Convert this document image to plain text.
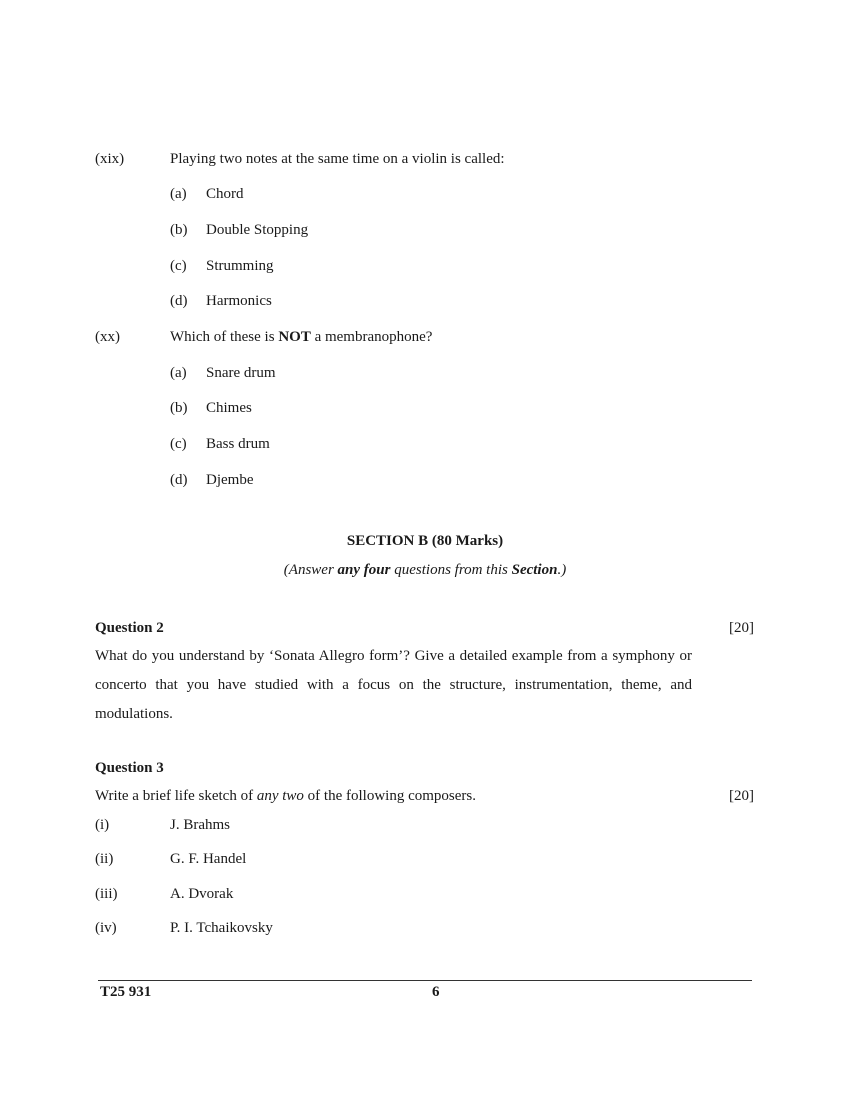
(xix)	Playing two notes at the same time on a violin is called:
(a) Chord
(b) Double Stopping
(c) Strumming
(d) Harmonics
(xx)	Which of these is NOT a membranophone?
(a) Snare drum
(b) Chimes
(c) Bass drum
(d) Djembe
SECTION B (80 Marks)
(Answer any four questions from this Section.)
Question 2	[20]
What do you understand by ‘Sonata Allegro form’? Give a detailed example from a symphony or concerto that you have studied with a focus on the structure, instrumentation, theme, and modulations.
Question 3
Write a brief life sketch of any two of the following composers.	[20]
(i)	J. Brahms
(ii)	G. F. Handel
(iii)	A. Dvorak
(iv)	P. I. Tchaikovsky
T25 931	6
